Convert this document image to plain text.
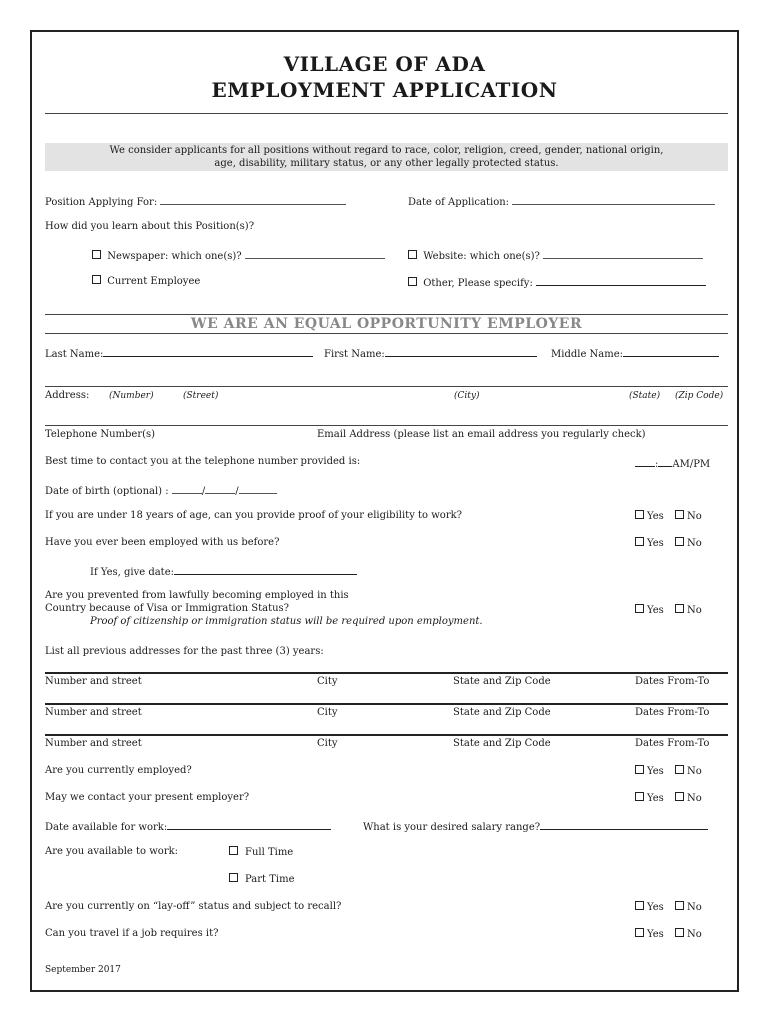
VILLAGE OF ADA
EMPLOYMENT APPLICATION
We consider applicants for all positions without regard to race, color, religion, creed, gender, national origin,
age, disability, military status, or any other legally protected status.
Position Applying For:	Date of Application:
How did you learn about this Position(s)?
Newspaper: which one(s)?	Website: which one(s)?
Current Employee	Other, Please specify:
WE ARE AN EQUAL OPPORTUNITY EMPLOYER
Last Name:	First Name:	Middle Name:
Address: (Number)	(Street)	(City)	(State) (Zip Code)
Telephone Number(s)	Email Address (please list an email address you regularly check)
Best time to contact you at the telephone number provided is:	: AM/PM
Date of birth (optional) :	/	/
If you are under 18 years of age, can you provide proof of your eligibility to work?	Yes No
Have you ever been employed with us before?	Yes No
If Yes, give date:
Are you prevented from lawfully becoming employed in this
Country because of Visa or Immigration Status?
Proof of citizenship or immigration status will be required upon employment.
Yes No
List all previous addresses for the past three (3) years:
Number and street	City	State and Zip Code	Dates From-To
Number and street	City	State and Zip Code	Dates From-To
Number and street	City	State and Zip Code	Dates From-To
Are you currently employed?	Yes No
May we contact your present employer?	Yes No
Date available for work:	What is your desired salary range?
Are you available to work:	Full Time
Part Time
Are you currently on “lay-off” status and subject to recall?	Yes No
Can you travel if a job requires it?	Yes No
September 2017
